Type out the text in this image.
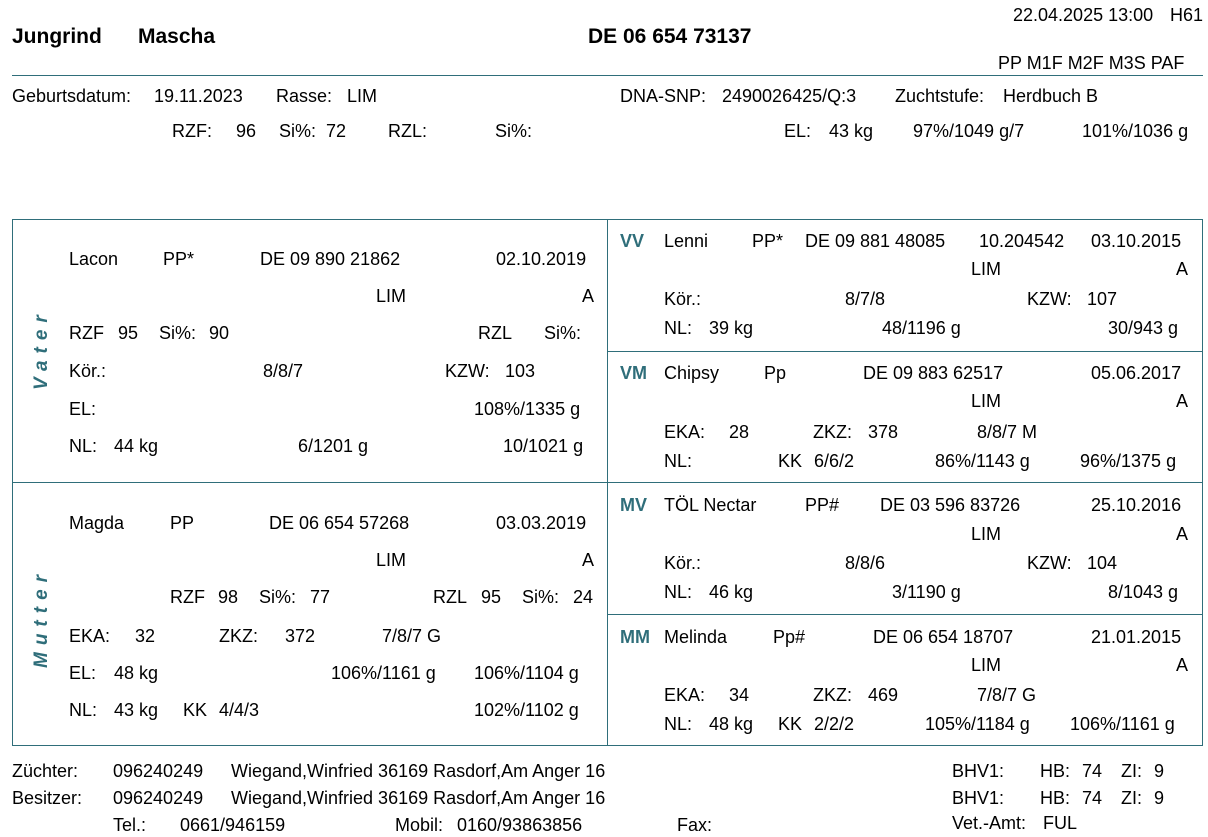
22.04.2025 13:00 H61
Jungrind Mascha	DE 06 654 73137
PP M1F M2F M3S PAF
Geburtsdatum: 19.11.2023 Rasse: LIM	DNA-SNP: 2490026425/Q:3 Zuchtstufe: Herdbuch B
RZF: 96 Si%: 72 RZL:	Si%:	EL: 43 kg 97%/1049 g/7	101%/1036 g
Vater
Mutter
Lacon PP*	DE 09 890 21862	02.10.2019
LIM	A
RZF 95 Si%: 90	RZL Si%:
Kör.:	8/8/7	KZW: 103
EL:	108%/1335 g
NL: 44 kg	6/1201 g	10/1021 g
Magda	PP	DE 06 654 57268	03.03.2019
LIM	A
RZF 98 Si%: 77	RZL 95 Si%: 24
EKA: 32	ZKZ: 372	7/8/7 G
EL: 48 kg	106%/1161 g 106%/1104 g
NL: 43 kg KK 4/4/3	102%/1102 g
VV Lenni PP* DE 09 881 48085 10.204542 03.10.2015
LIM	A
Kör.:	8/7/8	KZW: 107
NL: 39 kg	48/1196 g	30/943 g
VM Chipsy Pp	DE 09 883 62517	05.06.2017
LIM	A
EKA: 28	ZKZ: 378	8/8/7 M
NL:	KK 6/6/2	86%/1143 g	96%/1375 g
MV TÖL Nectar	PP# DE 03 596 83726	25.10.2016
LIM	A
Kör.:	8/8/6	KZW: 104
NL: 46 kg	3/1190 g	8/1043 g
MM Melinda	Pp#	DE 06 654 18707	21.01.2015
LIM	A
EKA: 34	ZKZ: 469	7/8/7 G
NL: 48 kg KK 2/2/2	105%/1184 g 106%/1161 g
Züchter: 096240249 Wiegand,Winfried 36169 Rasdorf,Am Anger 16
Besitzer: 096240249 Wiegand,Winfried 36169 Rasdorf,Am Anger 16
Tel.: 0661/946159	Mobil: 0160/93863856	Fax:
BHV1: HB: 74 ZI: 9
BHV1: HB: 74 ZI: 9
Vet.-Amt: FUL
